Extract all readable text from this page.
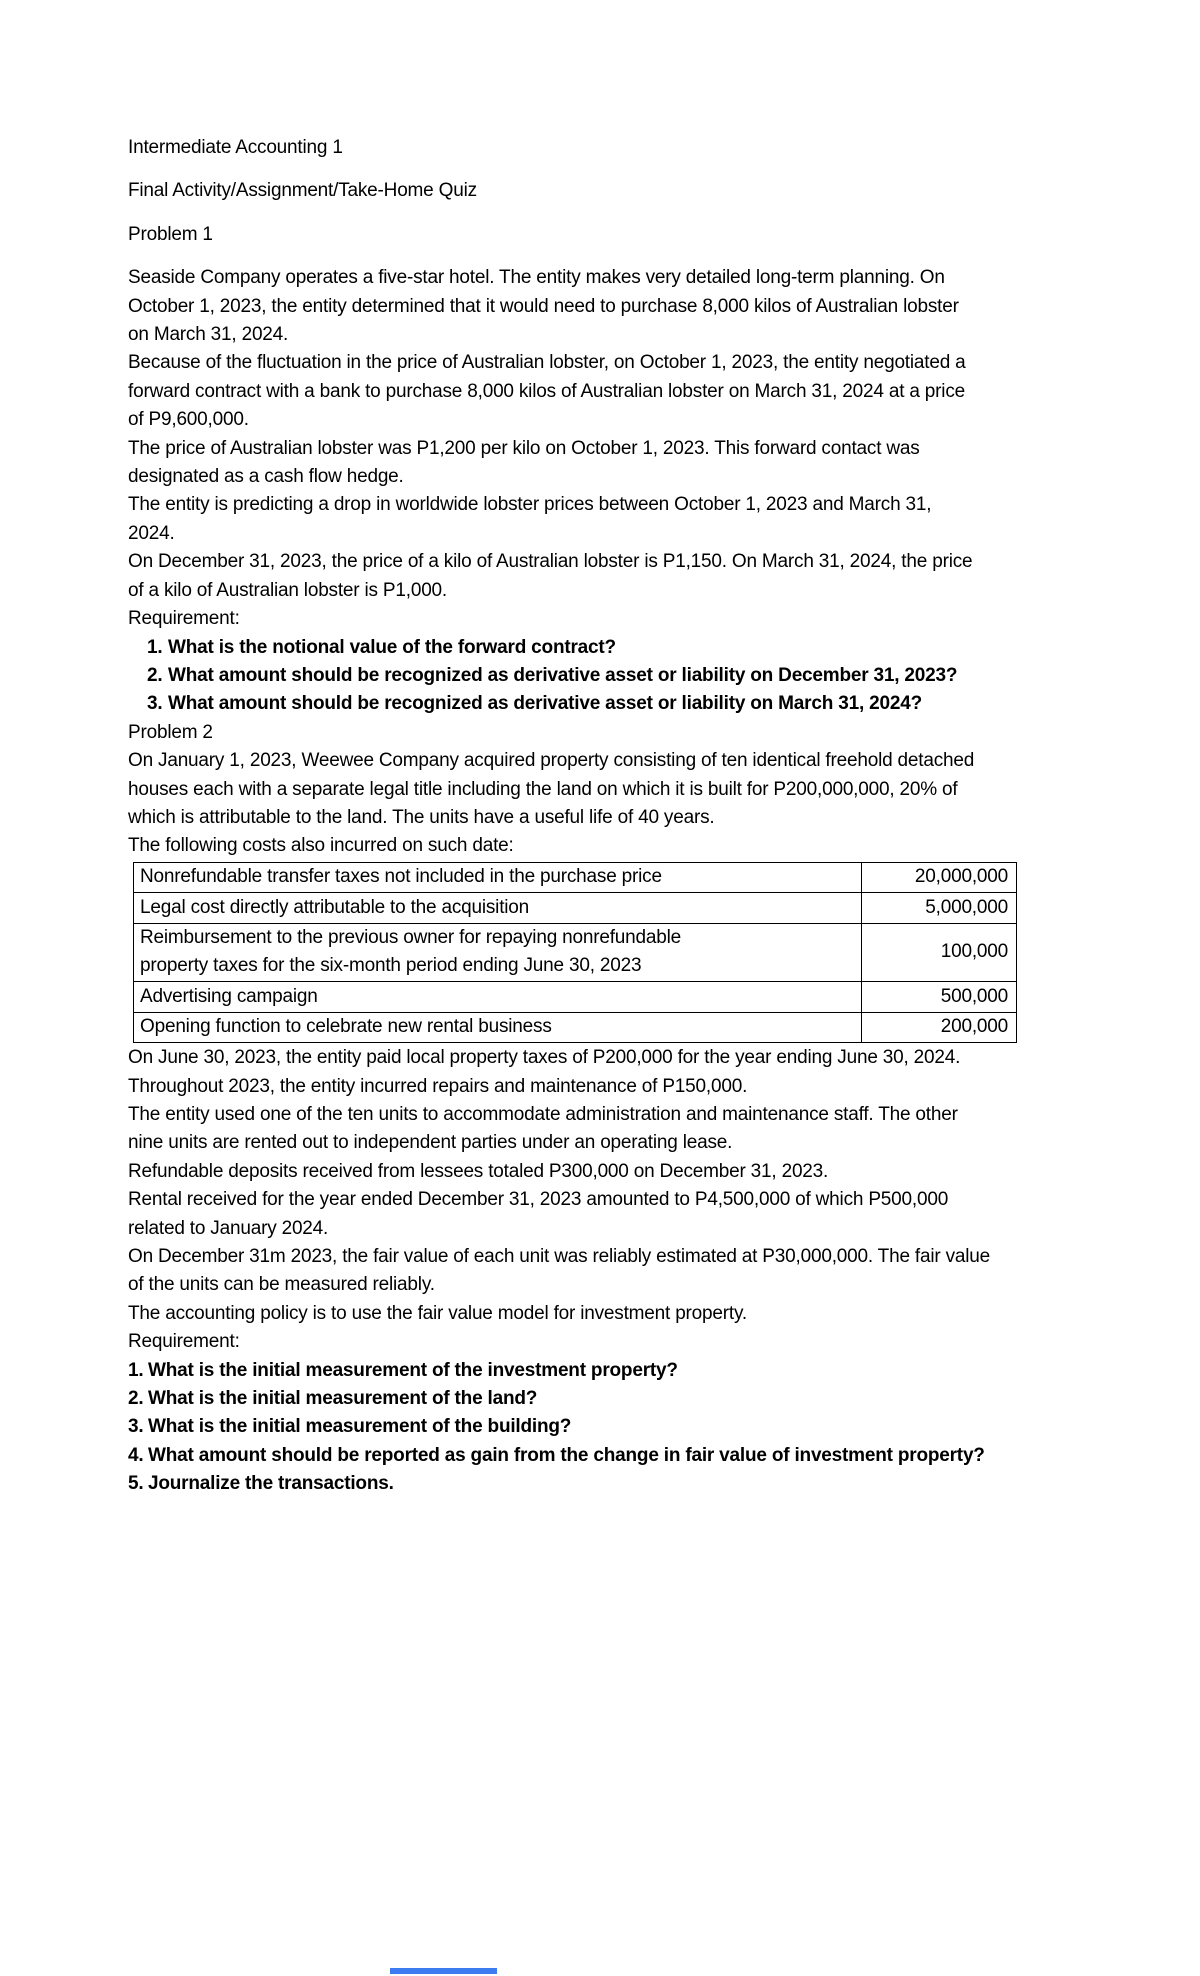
Intermediate Accounting 1

Final Activity/Assignment/Take-Home Quiz

Problem 1

Seaside Company operates a five-star hotel. The entity makes very detailed long-term planning. On
October 1, 2023, the entity determined that it would need to purchase 8,000 kilos of Australian lobster
on March 31, 2024.
Because of the fluctuation in the price of Australian lobster, on October 1, 2023, the entity negotiated a
forward contract with a bank to purchase 8,000 kilos of Australian lobster on March 31, 2024 at a price
of P9,600,000.
The price of Australian lobster was P1,200 per kilo on October 1, 2023. This forward contact was
designated as a cash flow hedge.
The entity is predicting a drop in worldwide lobster prices between October 1, 2023 and March 31,
2024.
On December 31, 2023, the price of a kilo of Australian lobster is P1,150. On March 31, 2024, the price
of a kilo of Australian lobster is P1,000.
Requirement:
1. What is the notional value of the forward contract?
2. What amount should be recognized as derivative asset or liability on December 31, 2023?
3. What amount should be recognized as derivative asset or liability on March 31, 2024?
Problem 2
On January 1, 2023, Weewee Company acquired property consisting of ten identical freehold detached
houses each with a separate legal title including the land on which it is built for P200,000,000, 20% of
which is attributable to the land. The units have a useful life of 40 years.
The following costs also incurred on such date:
Nonrefundable transfer taxes not included in the purchase price	20,000,000

Legal cost directly attributable to the acquisition	5,000,000

Reimbursement to the previous owner for repaying nonrefundable
property taxes for the six-month period ending June 30, 2023	100,000

Advertising campaign	500,000

Opening function to celebrate new rental business	200,000
On June 30, 2023, the entity paid local property taxes of P200,000 for the year ending June 30, 2024.
Throughout 2023, the entity incurred repairs and maintenance of P150,000.
The entity used one of the ten units to accommodate administration and maintenance staff. The other
nine units are rented out to independent parties under an operating lease.
Refundable deposits received from lessees totaled P300,000 on December 31, 2023.
Rental received for the year ended December 31, 2023 amounted to P4,500,000 of which P500,000
related to January 2024.
On December 31m 2023, the fair value of each unit was reliably estimated at P30,000,000. The fair value
of the units can be measured reliably.
The accounting policy is to use the fair value model for investment property.
Requirement:
1. What is the initial measurement of the investment property?
2. What is the initial measurement of the land?
3. What is the initial measurement of the building?
4. What amount should be reported as gain from the change in fair value of investment property?
5. Journalize the transactions.
